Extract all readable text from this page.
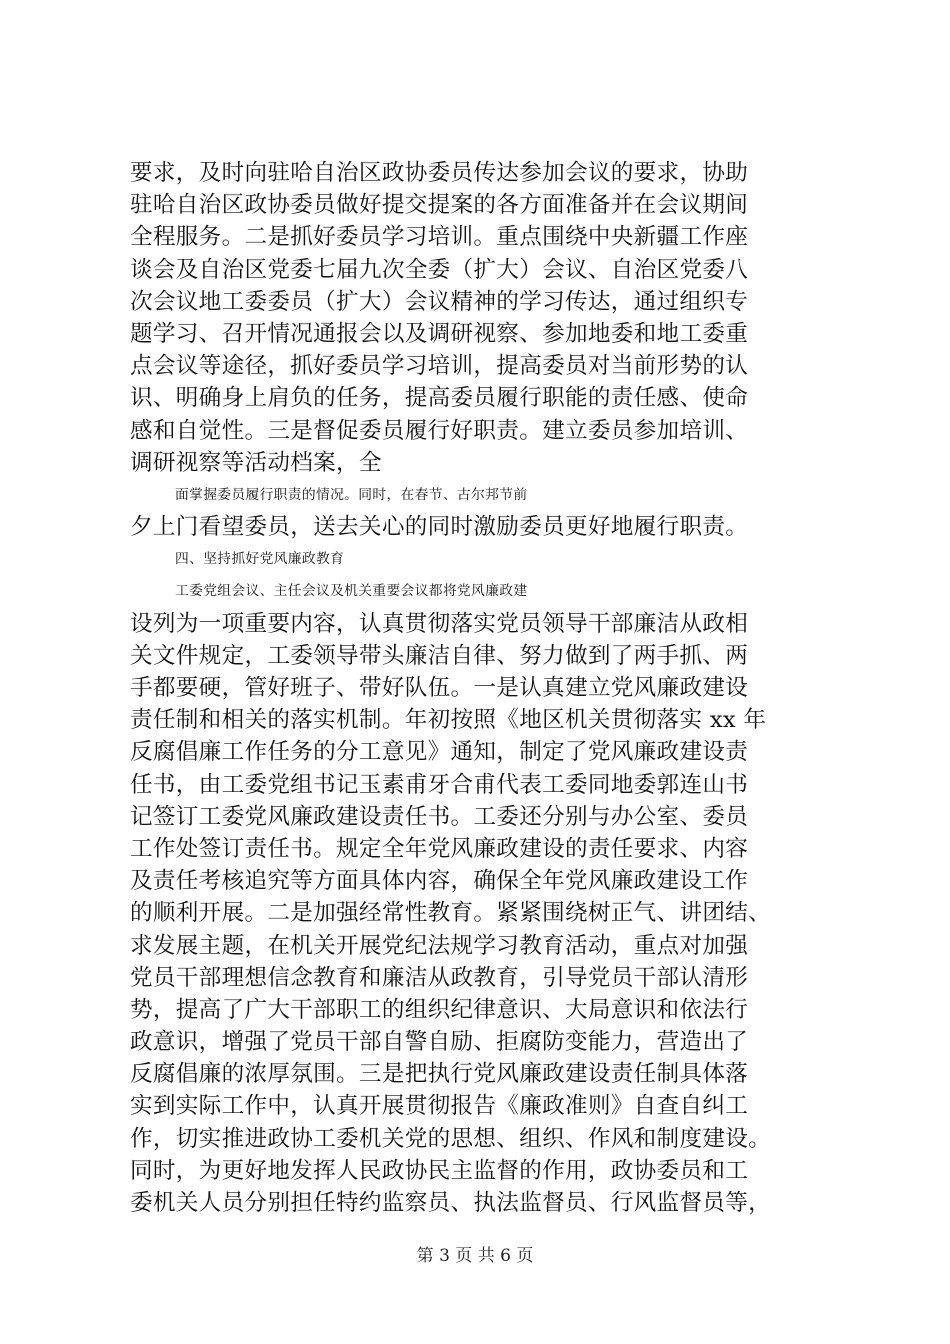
要求，及时向驻哈自治区政协委员传达参加会议的要求，协助
驻哈自治区政协委员做好提交提案的各方面准备并在会议期间
全程服务。二是抓好委员学习培训。重点围绕中央新疆工作座
谈会及自治区党委七届九次全委（扩大）会议、自治区党委八
次会议地工委委员（扩大）会议精神的学习传达，通过组织专
题学习、召开情况通报会以及调研视察、参加地委和地工委重
点会议等途径，抓好委员学习培训，提高委员对当前形势的认
识、明确身上肩负的任务，提高委员履行职能的责任感、使命
感和自觉性。三是督促委员履行好职责。建立委员参加培训、
调研视察等活动档案，全
面掌握委员履行职责的情况。同时，在春节、古尔邦节前
夕上门看望委员，送去关心的同时激励委员更好地履行职责。
四、坚持抓好党风廉政教育
工委党组会议、主任会议及机关重要会议都将党风廉政建
设列为一项重要内容，认真贯彻落实党员领导干部廉洁从政相
关文件规定，工委领导带头廉洁自律、努力做到了两手抓、两
手都要硬，管好班子、带好队伍。一是认真建立党风廉政建设
责任制和相关的落实机制。年初按照《地区机关贯彻落实 xx 年
反腐倡廉工作任务的分工意见》通知，制定了党风廉政建设责
任书，由工委党组书记玉素甫牙合甫代表工委同地委郭连山书
记签订工委党风廉政建设责任书。工委还分别与办公室、委员
工作处签订责任书。规定全年党风廉政建设的责任要求、内容
及责任考核追究等方面具体内容，确保全年党风廉政建设工作
的顺利开展。二是加强经常性教育。紧紧围绕树正气、讲团结、
求发展主题，在机关开展党纪法规学习教育活动，重点对加强
党员干部理想信念教育和廉洁从政教育，引导党员干部认清形
势，提高了广大干部职工的组织纪律意识、大局意识和依法行
政意识，增强了党员干部自警自励、拒腐防变能力，营造出了
反腐倡廉的浓厚氛围。三是把执行党风廉政建设责任制具体落
实到实际工作中，认真开展贯彻报告《廉政准则》自查自纠工
作，切实推进政协工委机关党的思想、组织、作风和制度建设。
同时，为更好地发挥人民政协民主监督的作用，政协委员和工
委机关人员分别担任特约监察员、执法监督员、行风监督员等，
第 3 页 共 6 页
